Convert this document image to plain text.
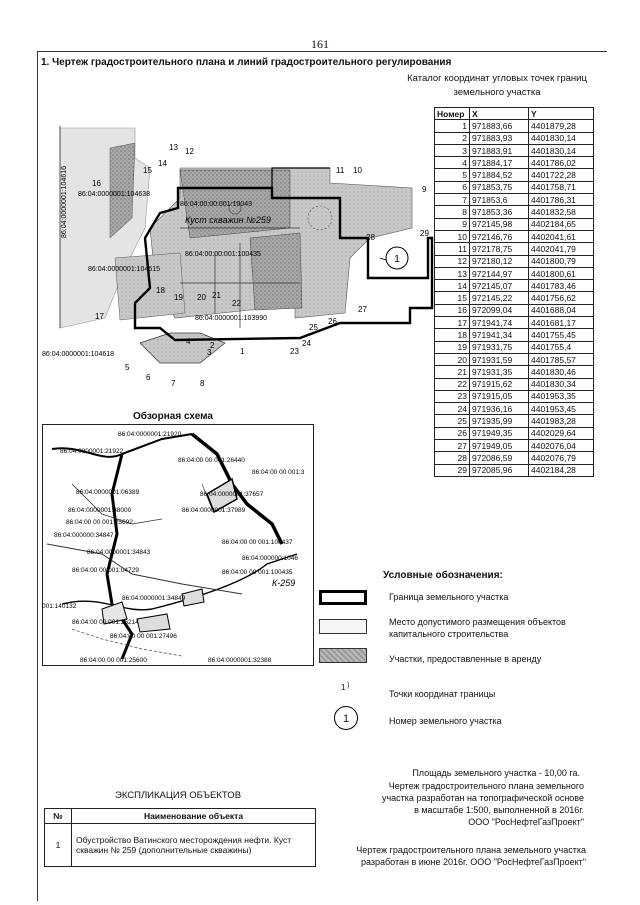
161
1. Чертеж градостроительного плана и линий градостроительного регулирования
1
86:04:0000001:104638
86:04:00:00:001:10043
Куст скважин №259
86:04:00:00:001:100435
86:04:0000001:104615
86:04:0000001:103990
86:04:0000001:104618
86:04:0000001:104616
1
2
3
4
5
6
7	8
9
10
11
12
13
14
15
16
17
18
19 20 21
22
23
24
25
26
27
28	29
Каталог координат угловых точек границ земельного участка
Номер	X	Y
1	971883,66	4401879,28
2	971883,93	4401830,14
3	971883,91	4401830,14
4	971884,17	4401786,02
5	971884,52	4401722,28
6	971853,75	4401758,71
7	971853,6	4401786,31
8	971853,36	4401832,58
9	972145,98	4402184,65
10	972146,76	4402041,61
11	972178,75	4402041,79
12	972180,12	4401800,79
13	972144,97	4401800,61
14	972145,07	4401783,46
15	972145,22	4401756,62
16	972099,04	4401688,04
17	971941,74	4401681,17
18	971941,34	4401755,45
19	971931,75	4401755,4
20	971931,59	4401785,57
21	971931,35	4401830,46
22	971915,62	4401830,34
23	971915,05	4401953,35
24	971936,16	4401953,45
25	971935,99	4401983,28
26	971949,35	4402029,64
27	971949,05	4402076,04
28	972086,59	4402076,79
29	972085,96	4402184,28
Обзорная схема
86:04:0000001:21920
86:04:0000001:21922
86:04:00 00 001:26440
86:04:00 00 001:3
86:04:0000001:06389	86:04:0000001:37657
86:04:0000001:38000	86:04:0000001:37989
86:04:00 00 001:25692
86:04:000000:34847
86:04:00 00 001:100437
86:04:0000001:34843
86:04:000000:1046
86:04:00 00 001:04729	86:04:00 00 001:100435
К-259
86:04:0000001:34849
001:140132
86:04:00 00 001:26214
86:04:00 00 001:27496
86:04:00 00 001:25600	86:04:0000001:32388
Условные обозначения:
Граница земельного участка
Место допустимого размещения объектов капитального строительства
Участки, предоставленные в аренду
1 )
Точки координат границы
1	Номер земельного участка
Площадь земельного участка - 10,00 га.
Чертеж градостроительного плана земельного
участка разработан на топографической основе
в масштабе 1:500, выполненной в 2016г.
ООО "РосНефтеГазПроект"
Чертеж градостроительного плана земельного участка
разработан в июне 2016г. ООО "РосНефтеГазПроект"
ЭКСПЛИКАЦИЯ ОБЪЕКТОВ
№	Наименование объекта
1	Обустройство Ватинского месторождения нефти. Куст скважин № 259 (дополнительные скважины)
